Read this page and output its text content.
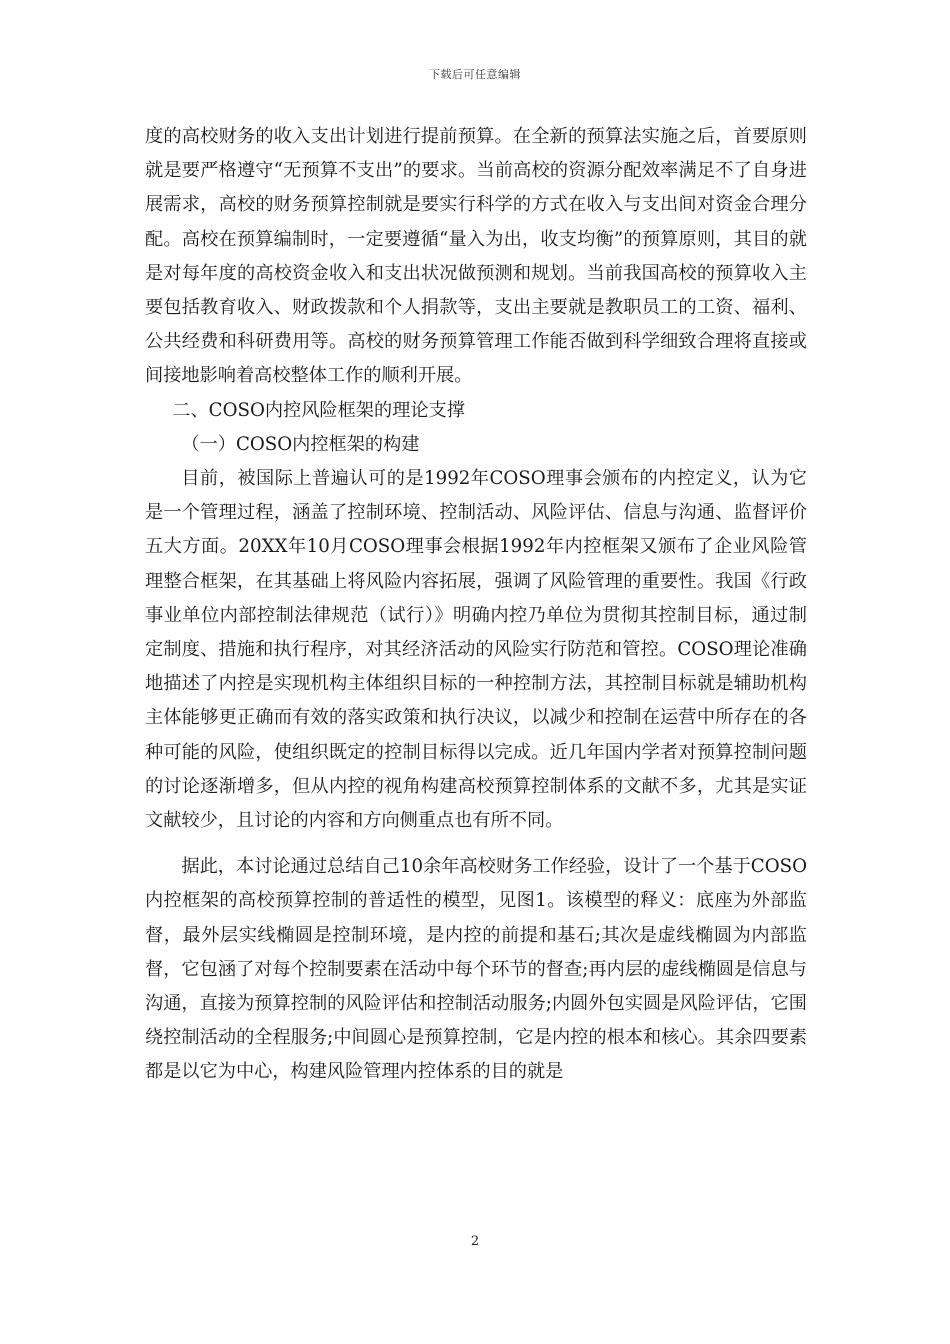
下载后可任意编辑

度的高校财务的收入支出计划进行提前预算。在全新的预算法实施之后，首要原则就是要严格遵守“无预算不支出”的要求。当前高校的资源分配效率满足不了自身进展需求，高校的财务预算控制就是要实行科学的方式在收入与支出间对资金合理分配。高校在预算编制时，一定要遵循“量入为出，收支均衡”的预算原则，其目的就是对每年度的高校资金收入和支出状况做预测和规划。当前我国高校的预算收入主要包括教育收入、财政拨款和个人捐款等，支出主要就是教职员工的工资、福利、公共经费和科研费用等。高校的财务预算管理工作能否做到科学细致合理将直接或间接地影响着高校整体工作的顺利开展。

二、COSO内控风险框架的理论支撑

（一）COSO内控框架的构建

目前，被国际上普遍认可的是1992年COSO理事会颁布的内控定义，认为它是一个管理过程，涵盖了控制环境、控制活动、风险评估、信息与沟通、监督评价五大方面。20XX年10月COSO理事会根据1992年内控框架又颁布了企业风险管理整合框架，在其基础上将风险内容拓展，强调了风险管理的重要性。我国《行政事业单位内部控制法律规范（试行）》明确内控乃单位为贯彻其控制目标，通过制定制度、措施和执行程序，对其经济活动的风险实行防范和管控。COSO理论准确地描述了内控是实现机构主体组织目标的一种控制方法，其控制目标就是辅助机构主体能够更正确而有效的落实政策和执行决议，以减少和控制在运营中所存在的各种可能的风险，使组织既定的控制目标得以完成。近几年国内学者对预算控制问题的讨论逐渐增多，但从内控的视角构建高校预算控制体系的文献不多，尤其是实证文献较少，且讨论的内容和方向侧重点也有所不同。

据此，本讨论通过总结自己10余年高校财务工作经验，设计了一个基于COSO内控框架的高校预算控制的普适性的模型，见图1。该模型的释义：底座为外部监督，最外层实线椭圆是控制环境，是内控的前提和基石;其次是虚线椭圆为内部监督，它包涵了对每个控制要素在活动中每个环节的督查;再内层的虚线椭圆是信息与沟通，直接为预算控制的风险评估和控制活动服务;内圆外包实圆是风险评估，它围绕控制活动的全程服务;中间圆心是预算控制，它是内控的根本和核心。其余四要素都是以它为中心，构建风险管理内控体系的目的就是

2
